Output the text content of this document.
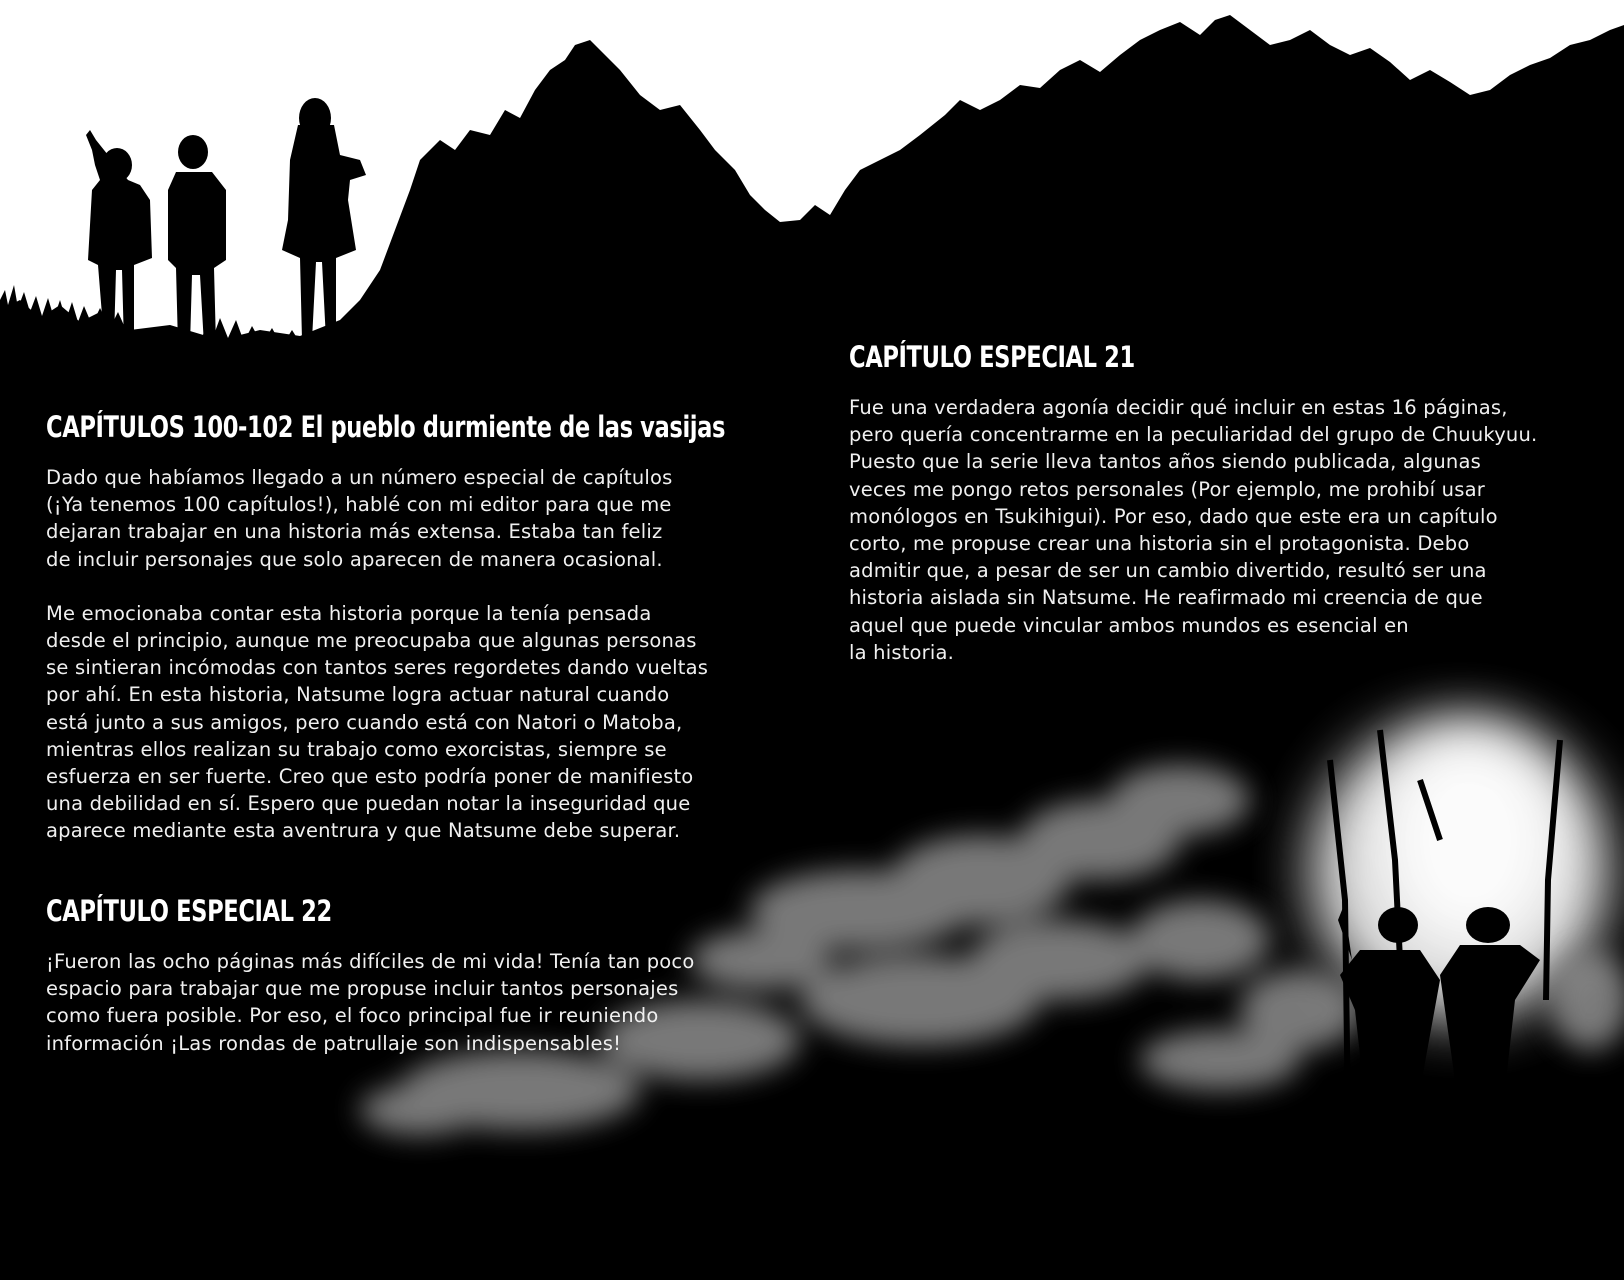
CAPÍTULOS 100-102 El pueblo durmiente de las vasijas
Dado que habíamos llegado a un número especial de capítulos
(¡Ya tenemos 100 capítulos!), hablé con mi editor para que me
dejaran trabajar en una historia más extensa. Estaba tan feliz
de incluir personajes que solo aparecen de manera ocasional.
Me emocionaba contar esta historia porque la tenía pensada
desde el principio, aunque me preocupaba que algunas personas
se sintieran incómodas con tantos seres regordetes dando vueltas
por ahí. En esta historia, Natsume logra actuar natural cuando
está junto a sus amigos, pero cuando está con Natori o Matoba,
mientras ellos realizan su trabajo como exorcistas, siempre se
esfuerza en ser fuerte. Creo que esto podría poner de manifiesto
una debilidad en sí. Espero que puedan notar la inseguridad que
aparece mediante esta aventrura y que Natsume debe superar.
CAPÍTULO ESPECIAL 22
¡Fueron las ocho páginas más difíciles de mi vida! Tenía tan poco
espacio para trabajar que me propuse incluir tantos personajes
como fuera posible. Por eso, el foco principal fue ir reuniendo
información ¡Las rondas de patrullaje son indispensables!
CAPÍTULO ESPECIAL 21
Fue una verdadera agonía decidir qué incluir en estas 16 páginas,
pero quería concentrarme en la peculiaridad del grupo de Chuukyuu.
Puesto que la serie lleva tantos años siendo publicada, algunas
veces me pongo retos personales (Por ejemplo, me prohibí usar
monólogos en Tsukihigui). Por eso, dado que este era un capítulo
corto, me propuse crear una historia sin el protagonista. Debo
admitir que, a pesar de ser un cambio divertido, resultó ser una
historia aislada sin Natsume. He reafirmado mi creencia de que
aquel que puede vincular ambos mundos es esencial en
la historia.
